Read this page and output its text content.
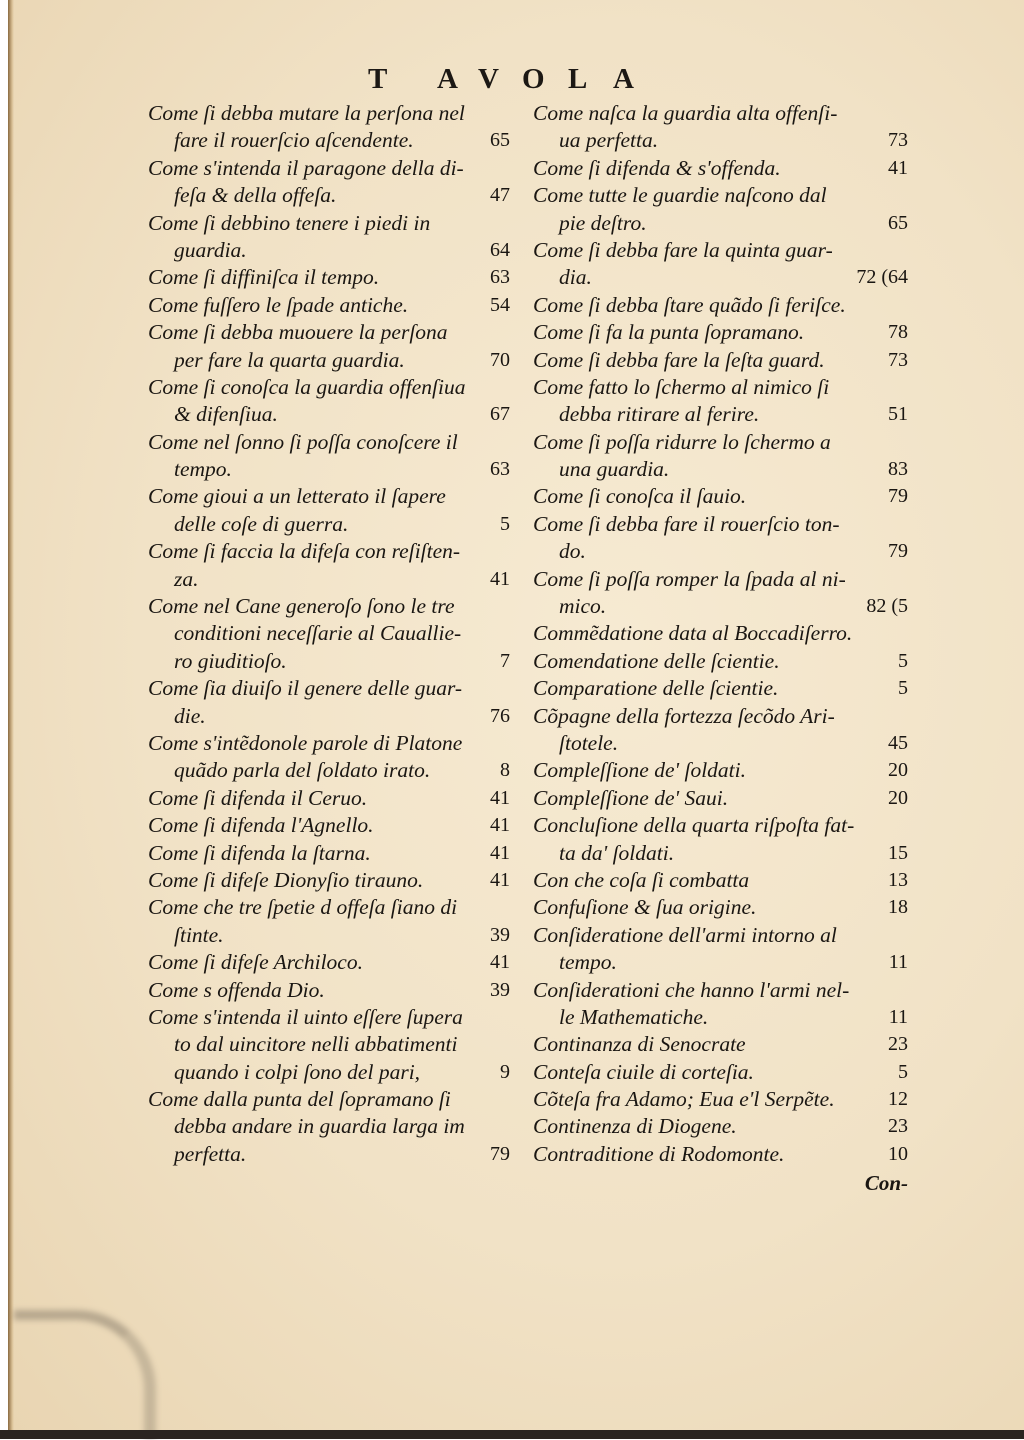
T A V O L A
Come ſi debba mutare la perſona nel
fare il rouerſcio aſcendente.	65
Come s'intenda il paragone della di-
feſa & della offeſa.	47
Come ſi debbino tenere i piedi in
guardia.	64
Come ſi diffiniſca il tempo.	63
Come fuſſero le ſpade antiche.	54
Come ſi debba muouere la perſona
per fare la quarta guardia.	70
Come ſi conoſca la guardia offenſiua
& difenſiua.	67
Come nel ſonno ſi poſſa conoſcere il
tempo.	63
Come gioui a un letterato il ſapere
delle coſe di guerra.	5
Come ſi faccia la difeſa con reſiſten-
za.	41
Come nel Cane generoſo ſono le tre
conditioni neceſſarie al Cauallie-
ro giuditioſo.	7
Come ſia diuiſo il genere delle guar-
die.	76
Come s'intẽdonole parole di Platone
quãdo parla del ſoldato irato.	8
Come ſi difenda il Ceruo.	41
Come ſi difenda l'Agnello.	41
Come ſi difenda la ſtarna.	41
Come ſi difeſe Dionyſio tirauno.	41
Come che tre ſpetie d offeſa ſiano di
ſtinte.	39
Come ſi difeſe Archiloco.	41
Come s offenda Dio.	39
Come s'intenda il uinto eſſere ſupera
to dal uincitore nelli abbatimenti
quando i colpi ſono del pari,	9
Come dalla punta del ſopramano ſi
debba andare in guardia larga im
perfetta.	79
Come naſca la guardia alta offenſi-
ua perfetta.	73
Come ſi difenda & s'offenda.	41
Come tutte le guardie naſcono dal
pie deſtro.	65
Come ſi debba fare la quinta guar-
dia.	72 (64
Come ſi debba ſtare quãdo ſi feriſce.
Come ſi fa la punta ſopramano.	78
Come ſi debba fare la ſeſta guard.	73
Come fatto lo ſchermo al nimico ſi
debba ritirare al ferire.	51
Come ſi poſſa ridurre lo ſchermo a
una guardia.	83
Come ſi conoſca il ſauio.	79
Come ſi debba fare il rouerſcio ton-
do.	79
Come ſi poſſa romper la ſpada al ni-
mico.	82 (5
Commẽdatione data al Boccadiſerro.
Comendatione delle ſcientie.	5
Comparatione delle ſcientie.	5
Cõpagne della fortezza ſecõdo Ari-
ſtotele.	45
Compleſſione de' ſoldati.	20
Compleſſione de' Saui.	20
Concluſione della quarta riſpoſta fat-
ta da' ſoldati.	15
Con che coſa ſi combatta	13
Confuſione & ſua origine.	18
Conſideratione dell'armi intorno al
tempo.	11
Conſiderationi che hanno l'armi nel-
le Mathematiche.	11
Continanza di Senocrate	23
Conteſa ciuile di corteſia.	5
Cõteſa fra Adamo; Eua e'l Serpẽte.	12
Continenza di Diogene.	23
Contraditione di Rodomonte.	10
Con-
